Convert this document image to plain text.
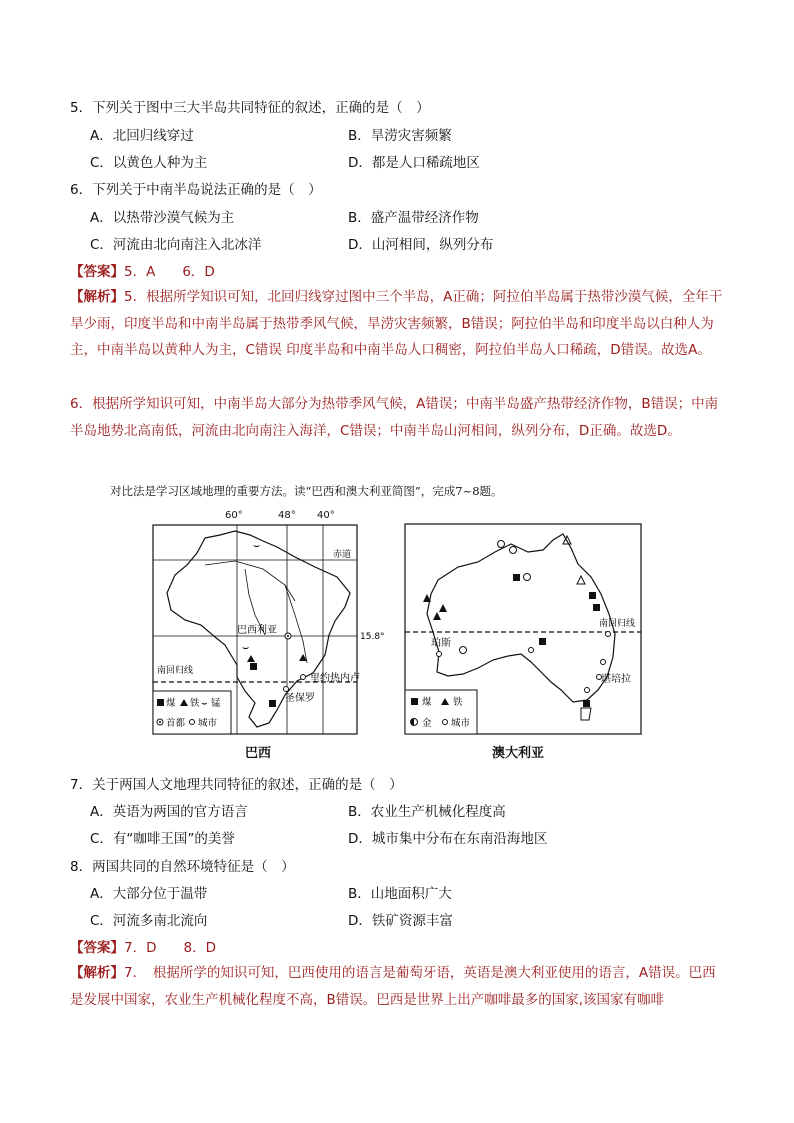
5．下列关于图中三大半岛共同特征的叙述，正确的是（　）
A．北回归线穿过	B．旱涝灾害频繁
C．以黄色人种为主	D．都是人口稀疏地区
6．下列关于中南半岛说法正确的是（　）
A．以热带沙漠气候为主	B．盛产温带经济作物
C．河流由北向南注入北冰洋	D．山河相间，纵列分布
【答案】5．A　　6．D
【解析】5．根据所学知识可知，北回归线穿过图中三个半岛，A正确；阿拉伯半岛属于热带沙漠气候，全年干旱少雨，印度半岛和中南半岛属于热带季风气候，旱涝灾害频繁，B错误；阿拉伯半岛和印度半岛以白种人为主，中南半岛以黄种人为主，C错误 印度半岛和中南半岛人口稠密，阿拉伯半岛人口稀疏，D错误。故选A。
6．根据所学知识可知，中南半岛大部分为热带季风气候，A错误；中南半岛盛产热带经济作物，B错误；中南半岛地势北高南低，河流由北向南注入海洋，C错误；中南半岛山河相间，纵列分布，D正确。故选D。
对比法是学习区域地理的重要方法。读“巴西和澳大利亚简图”，完成7~8题。
60°	48° 40°
赤道
15.8°
南回归线
⌣
⌣
巴西利亚
里约热内卢
圣保罗
煤 铁 ⌣ 锰
首都 城市
巴西
南回归线
珀斯
堪培拉
煤 铁
金 城市
澳大利亚
7．关于两国人文地理共同特征的叙述，正确的是（　）
A．英语为两国的官方语言	B．农业生产机械化程度高
C．有“咖啡王国”的美誉	D．城市集中分布在东南沿海地区
8．两国共同的自然环境特征是（　）
A．大部分位于温带	B．山地面积广大
C．河流多南北流向	D．铁矿资源丰富
【答案】7．D　　8．D
【解析】7．　根据所学的知识可知，巴西使用的语言是葡萄牙语，英语是澳大利亚使用的语言，A错误。巴西是发展中国家，农业生产机械化程度不高，B错误。巴西是世界上出产咖啡最多的国家,该国家有咖啡
